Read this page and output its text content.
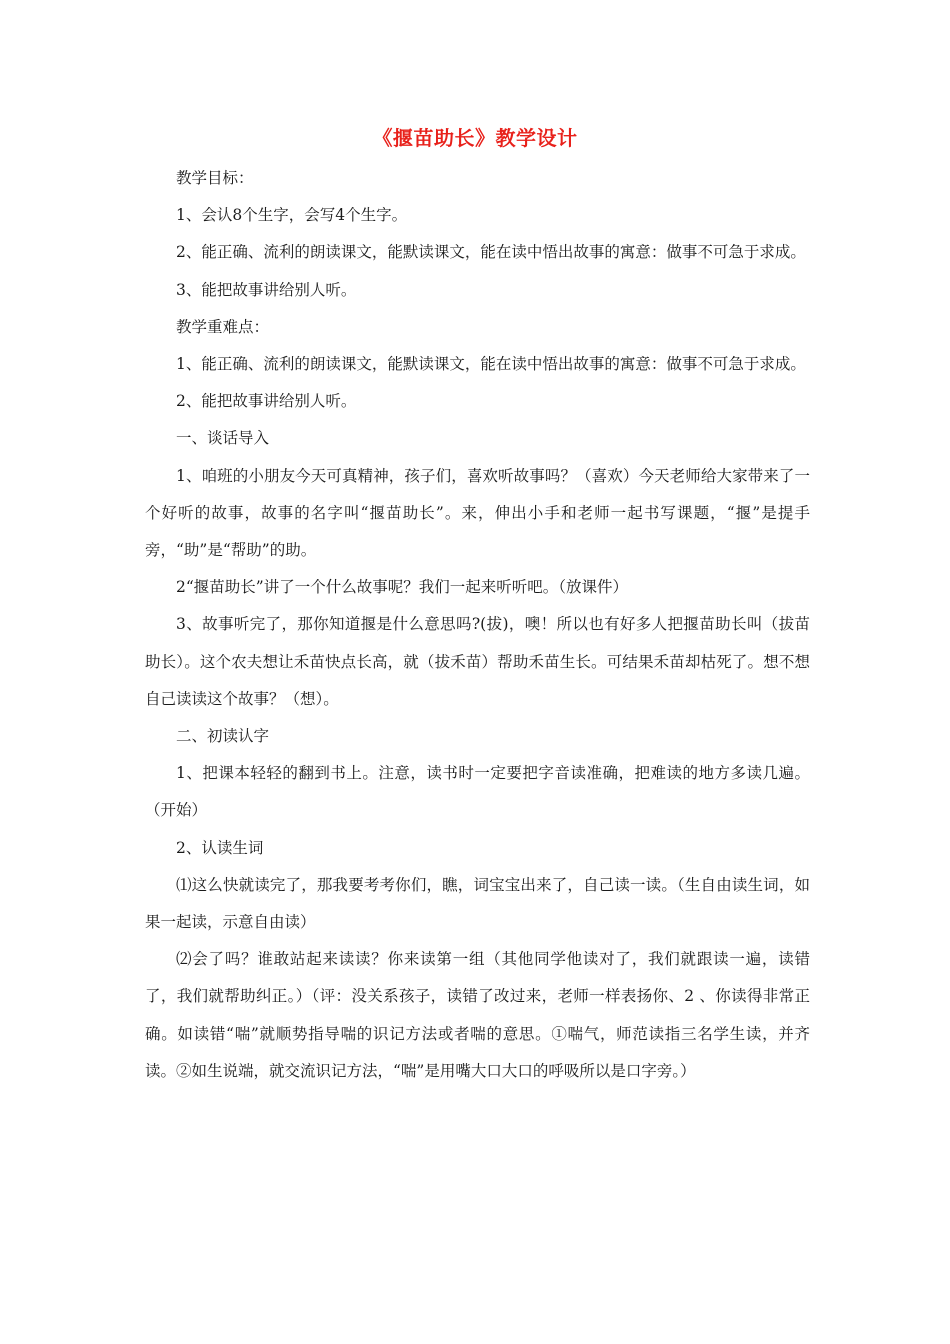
《揠苗助长》教学设计

教学目标：

1、会认8个生字，会写4个生字。

2、能正确、流利的朗读课文，能默读课文，能在读中悟出故事的寓意：做事不可急于求成。

3、能把故事讲给别人听。

教学重难点：

1、能正确、流利的朗读课文，能默读课文，能在读中悟出故事的寓意：做事不可急于求成。

2、能把故事讲给别人听。

一、谈话导入

1、咱班的小朋友今天可真精神，孩子们，喜欢听故事吗？（喜欢）今天老师给大家带来了一个好听的故事，故事的名字叫“揠苗助长”。来，伸出小手和老师一起书写课题，“揠”是提手旁，“助”是“帮助”的助。

2“揠苗助长”讲了一个什么故事呢？我们一起来听听吧。（放课件）

3、故事听完了，那你知道揠是什么意思吗?(拔)，噢！所以也有好多人把揠苗助长叫（拔苗助长）。这个农夫想让禾苗快点长高，就（拔禾苗）帮助禾苗生长。可结果禾苗却枯死了。想不想自己读读这个故事？（想）。

二、初读认字

1、把课本轻轻的翻到书上。注意，读书时一定要把字音读准确，把难读的地方多读几遍。（开始）

2、认读生词

⑴这么快就读完了，那我要考考你们，瞧，词宝宝出来了，自己读一读。（生自由读生词，如果一起读，示意自由读）

⑵会了吗？谁敢站起来读读？你来读第一组（其他同学他读对了，我们就跟读一遍，读错了，我们就帮助纠正。）（评：没关系孩子，读错了改过来，老师一样表扬你、2 、你读得非常正确。如读错“喘”就顺势指导喘的识记方法或者喘的意思。①喘气，师范读指三名学生读，并齐读。②如生说端，就交流识记方法，“喘”是用嘴大口大口的呼吸所以是口字旁。）
